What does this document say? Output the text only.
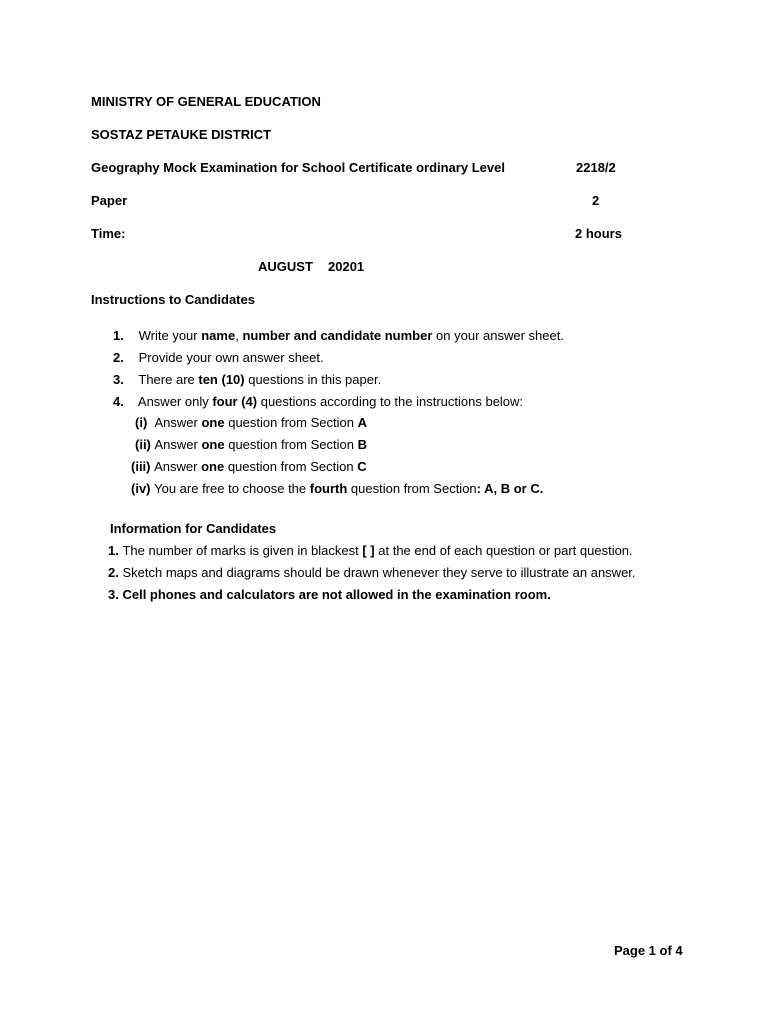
MINISTRY OF GENERAL EDUCATION
SOSTAZ PETAUKE DISTRICT
Geography Mock Examination for School Certificate ordinary Level	2218/2
Paper	2
Time:	2 hours
AUGUST 20201
Instructions to Candidates
1. Write your name, number and candidate number on your answer sheet.
2. Provide your own answer sheet.
3. There are ten (10) questions in this paper.
4. Answer only four (4) questions according to the instructions below:
(i) Answer one question from Section A
(ii) Answer one question from Section B
(iii) Answer one question from Section C
(iv) You are free to choose the fourth question from Section: A, B or C.
Information for Candidates
1. The number of marks is given in blackest [ ] at the end of each question or part question.
2. Sketch maps and diagrams should be drawn whenever they serve to illustrate an answer.
3. Cell phones and calculators are not allowed in the examination room.
Page 1 of 4
